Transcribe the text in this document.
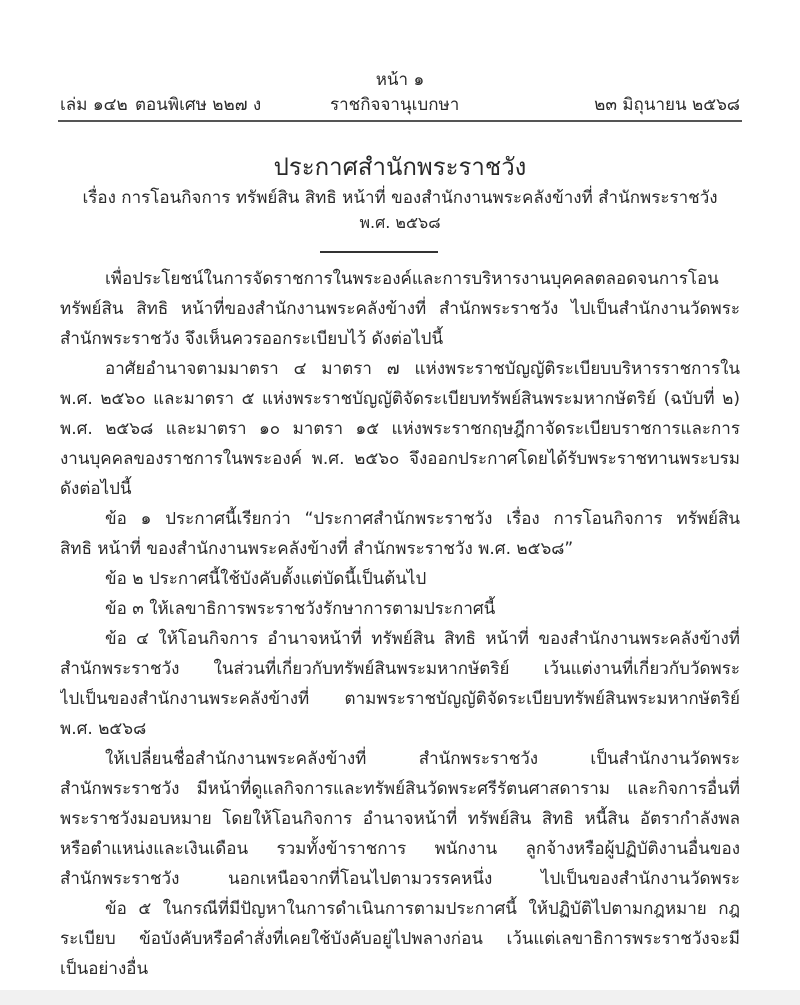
หน้า ๑
เล่ม ๑๔๒ ตอนพิเศษ ๒๒๗ ง	ราชกิจจานุเบกษา	๒๓ มิถุนายน ๒๕๖๘
ประกาศสำนักพระราชวัง
เรื่อง การโอนกิจการ ทรัพย์สิน สิทธิ หน้าที่ ของสำนักงานพระคลังข้างที่ สำนักพระราชวัง
พ.ศ. ๒๕๖๘
เพื่อประโยชน์ในการจัดราชการในพระองค์และการบริหารงานบุคคลตลอดจนการโอน
ทรัพย์สิน สิทธิ หน้าที่ของสำนักงานพระคลังข้างที่ สำนักพระราชวัง ไปเป็นสำนักงานวัดพระ
สำนักพระราชวัง จึงเห็นควรออกระเบียบไว้ ดังต่อไปนี้
อาศัยอำนาจตามมาตรา ๔ มาตรา ๗ แห่งพระราชบัญญัติระเบียบบริหารราชการใน
พ.ศ. ๒๕๖๐ และมาตรา ๕ แห่งพระราชบัญญัติจัดระเบียบทรัพย์สินพระมหากษัตริย์ (ฉบับที่ ๒)
พ.ศ. ๒๕๖๘ และมาตรา ๑๐ มาตรา ๑๕ แห่งพระราชกฤษฎีกาจัดระเบียบราชการและการ
งานบุคคลของราชการในพระองค์ พ.ศ. ๒๕๖๐ จึงออกประกาศโดยได้รับพระราชทานพระบรม
ดังต่อไปนี้
ข้อ ๑ ประกาศนี้เรียกว่า “ประกาศสำนักพระราชวัง เรื่อง การโอนกิจการ ทรัพย์สิน
สิทธิ หน้าที่ ของสำนักงานพระคลังข้างที่ สำนักพระราชวัง พ.ศ. ๒๕๖๘”
ข้อ ๒ ประกาศนี้ใช้บังคับตั้งแต่บัดนี้เป็นต้นไป
ข้อ ๓ ให้เลขาธิการพระราชวังรักษาการตามประกาศนี้
ข้อ ๔ ให้โอนกิจการ อำนาจหน้าที่ ทรัพย์สิน สิทธิ หน้าที่ ของสำนักงานพระคลังข้างที่
สำนักพระราชวัง ในส่วนที่เกี่ยวกับทรัพย์สินพระมหากษัตริย์ เว้นแต่งานที่เกี่ยวกับวัดพระ
ไปเป็นของสำนักงานพระคลังข้างที่ ตามพระราชบัญญัติจัดระเบียบทรัพย์สินพระมหากษัตริย์
พ.ศ. ๒๕๖๘
ให้เปลี่ยนชื่อสำนักงานพระคลังข้างที่ สำนักพระราชวัง เป็นสำนักงานวัดพระ
สำนักพระราชวัง มีหน้าที่ดูแลกิจการและทรัพย์สินวัดพระศรีรัตนศาสดาราม และกิจการอื่นที่
พระราชวังมอบหมาย โดยให้โอนกิจการ อำนาจหน้าที่ ทรัพย์สิน สิทธิ หนี้สิน อัตรากำลังพล
หรือตำแหน่งและเงินเดือน รวมทั้งข้าราชการ พนักงาน ลูกจ้างหรือผู้ปฏิบัติงานอื่นของ
สำนักพระราชวัง นอกเหนือจากที่โอนไปตามวรรคหนึ่ง ไปเป็นของสำนักงานวัดพระ
ข้อ ๕ ในกรณีที่มีปัญหาในการดำเนินการตามประกาศนี้ ให้ปฏิบัติไปตามกฎหมาย กฎ
ระเบียบ ข้อบังคับหรือคำสั่งที่เคยใช้บังคับอยู่ไปพลางก่อน เว้นแต่เลขาธิการพระราชวังจะมี
เป็นอย่างอื่น
